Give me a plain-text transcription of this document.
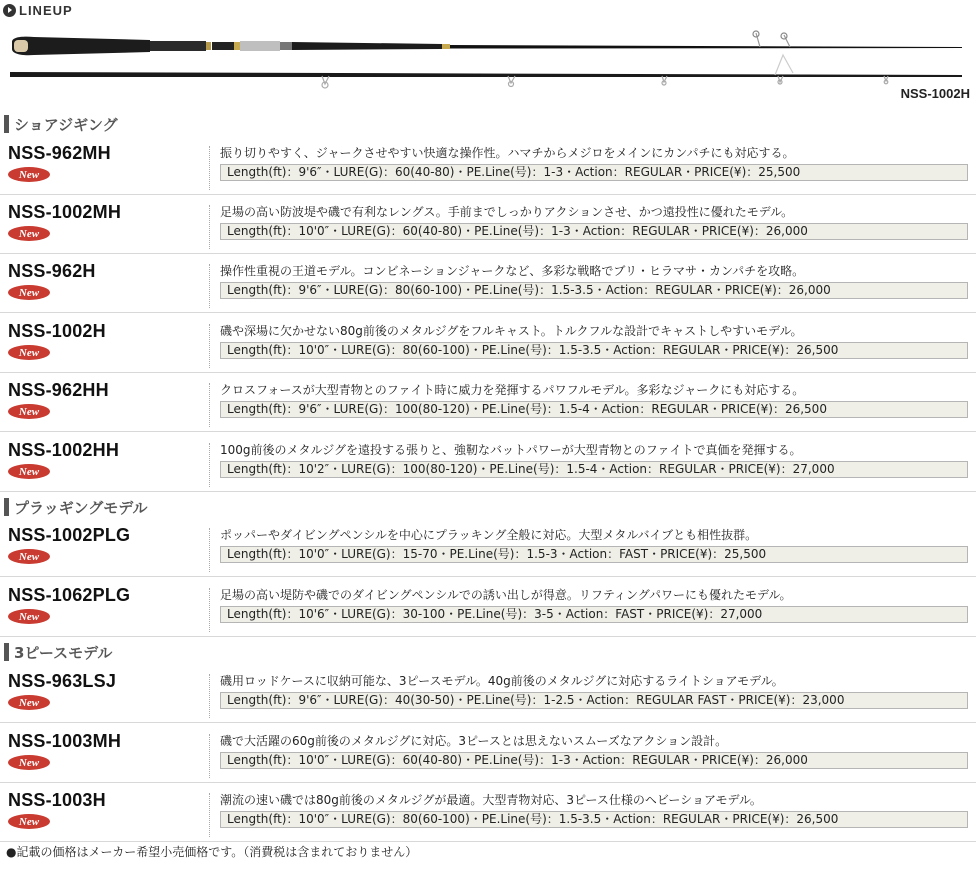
LINEUP
NSS-1002H
ショアジギング
プラッギングモデル
3ピースモデル
NSS-962MH
New
振り切りやすく、ジャークさせやすい快適な操作性。ハマチからメジロをメインにカンパチにも対応する。
Length(ft)：9'6″・LURE(G)：60(40-80)・PE.Line(号)：1-3・Action：REGULAR・PRICE(¥)：25,500
NSS-1002MH
New
足場の高い防波堤や磯で有利なレングス。手前までしっかりアクションさせ、かつ遠投性に優れたモデル。
Length(ft)：10'0″・LURE(G)：60(40-80)・PE.Line(号)：1-3・Action：REGULAR・PRICE(¥)：26,000
NSS-962H
New
操作性重視の王道モデル。コンビネーションジャークなど、多彩な戦略でブリ・ヒラマサ・カンパチを攻略。
Length(ft)：9'6″・LURE(G)：80(60-100)・PE.Line(号)：1.5-3.5・Action：REGULAR・PRICE(¥)：26,000
NSS-1002H
New
磯や深場に欠かせない80g前後のメタルジグをフルキャスト。トルクフルな設計でキャストしやすいモデル。
Length(ft)：10'0″・LURE(G)：80(60-100)・PE.Line(号)：1.5-3.5・Action：REGULAR・PRICE(¥)：26,500
NSS-962HH
New
クロスフォースが大型青物とのファイト時に威力を発揮するパワフルモデル。多彩なジャークにも対応する。
Length(ft)：9'6″・LURE(G)：100(80-120)・PE.Line(号)：1.5-4・Action：REGULAR・PRICE(¥)：26,500
NSS-1002HH
New
100g前後のメタルジグを遠投する張りと、強靭なバットパワーが大型青物とのファイトで真価を発揮する。
Length(ft)：10'2″・LURE(G)：100(80-120)・PE.Line(号)：1.5-4・Action：REGULAR・PRICE(¥)：27,000
NSS-1002PLG
New
ポッパーやダイビングペンシルを中心にプラッキング全般に対応。大型メタルバイブとも相性抜群。
Length(ft)：10'0″・LURE(G)：15-70・PE.Line(号)：1.5-3・Action：FAST・PRICE(¥)：25,500
NSS-1062PLG
New
足場の高い堤防や磯でのダイビングペンシルでの誘い出しが得意。リフティングパワーにも優れたモデル。
Length(ft)：10'6″・LURE(G)：30-100・PE.Line(号)：3-5・Action：FAST・PRICE(¥)：27,000
NSS-963LSJ
New
磯用ロッドケースに収納可能な、3ピースモデル。40g前後のメタルジグに対応するライトショアモデル。
Length(ft)：9'6″・LURE(G)：40(30-50)・PE.Line(号)：1-2.5・Action：REGULAR FAST・PRICE(¥)：23,000
NSS-1003MH
New
磯で大活躍の60g前後のメタルジグに対応。3ピースとは思えないスムーズなアクション設計。
Length(ft)：10'0″・LURE(G)：60(40-80)・PE.Line(号)：1-3・Action：REGULAR・PRICE(¥)：26,000
NSS-1003H
New
潮流の速い磯では80g前後のメタルジグが最適。大型青物対応、3ピース仕様のヘビーショアモデル。
Length(ft)：10'0″・LURE(G)：80(60-100)・PE.Line(号)：1.5-3.5・Action：REGULAR・PRICE(¥)：26,500
●記載の価格はメーカー希望小売価格です。（消費税は含まれておりません）
